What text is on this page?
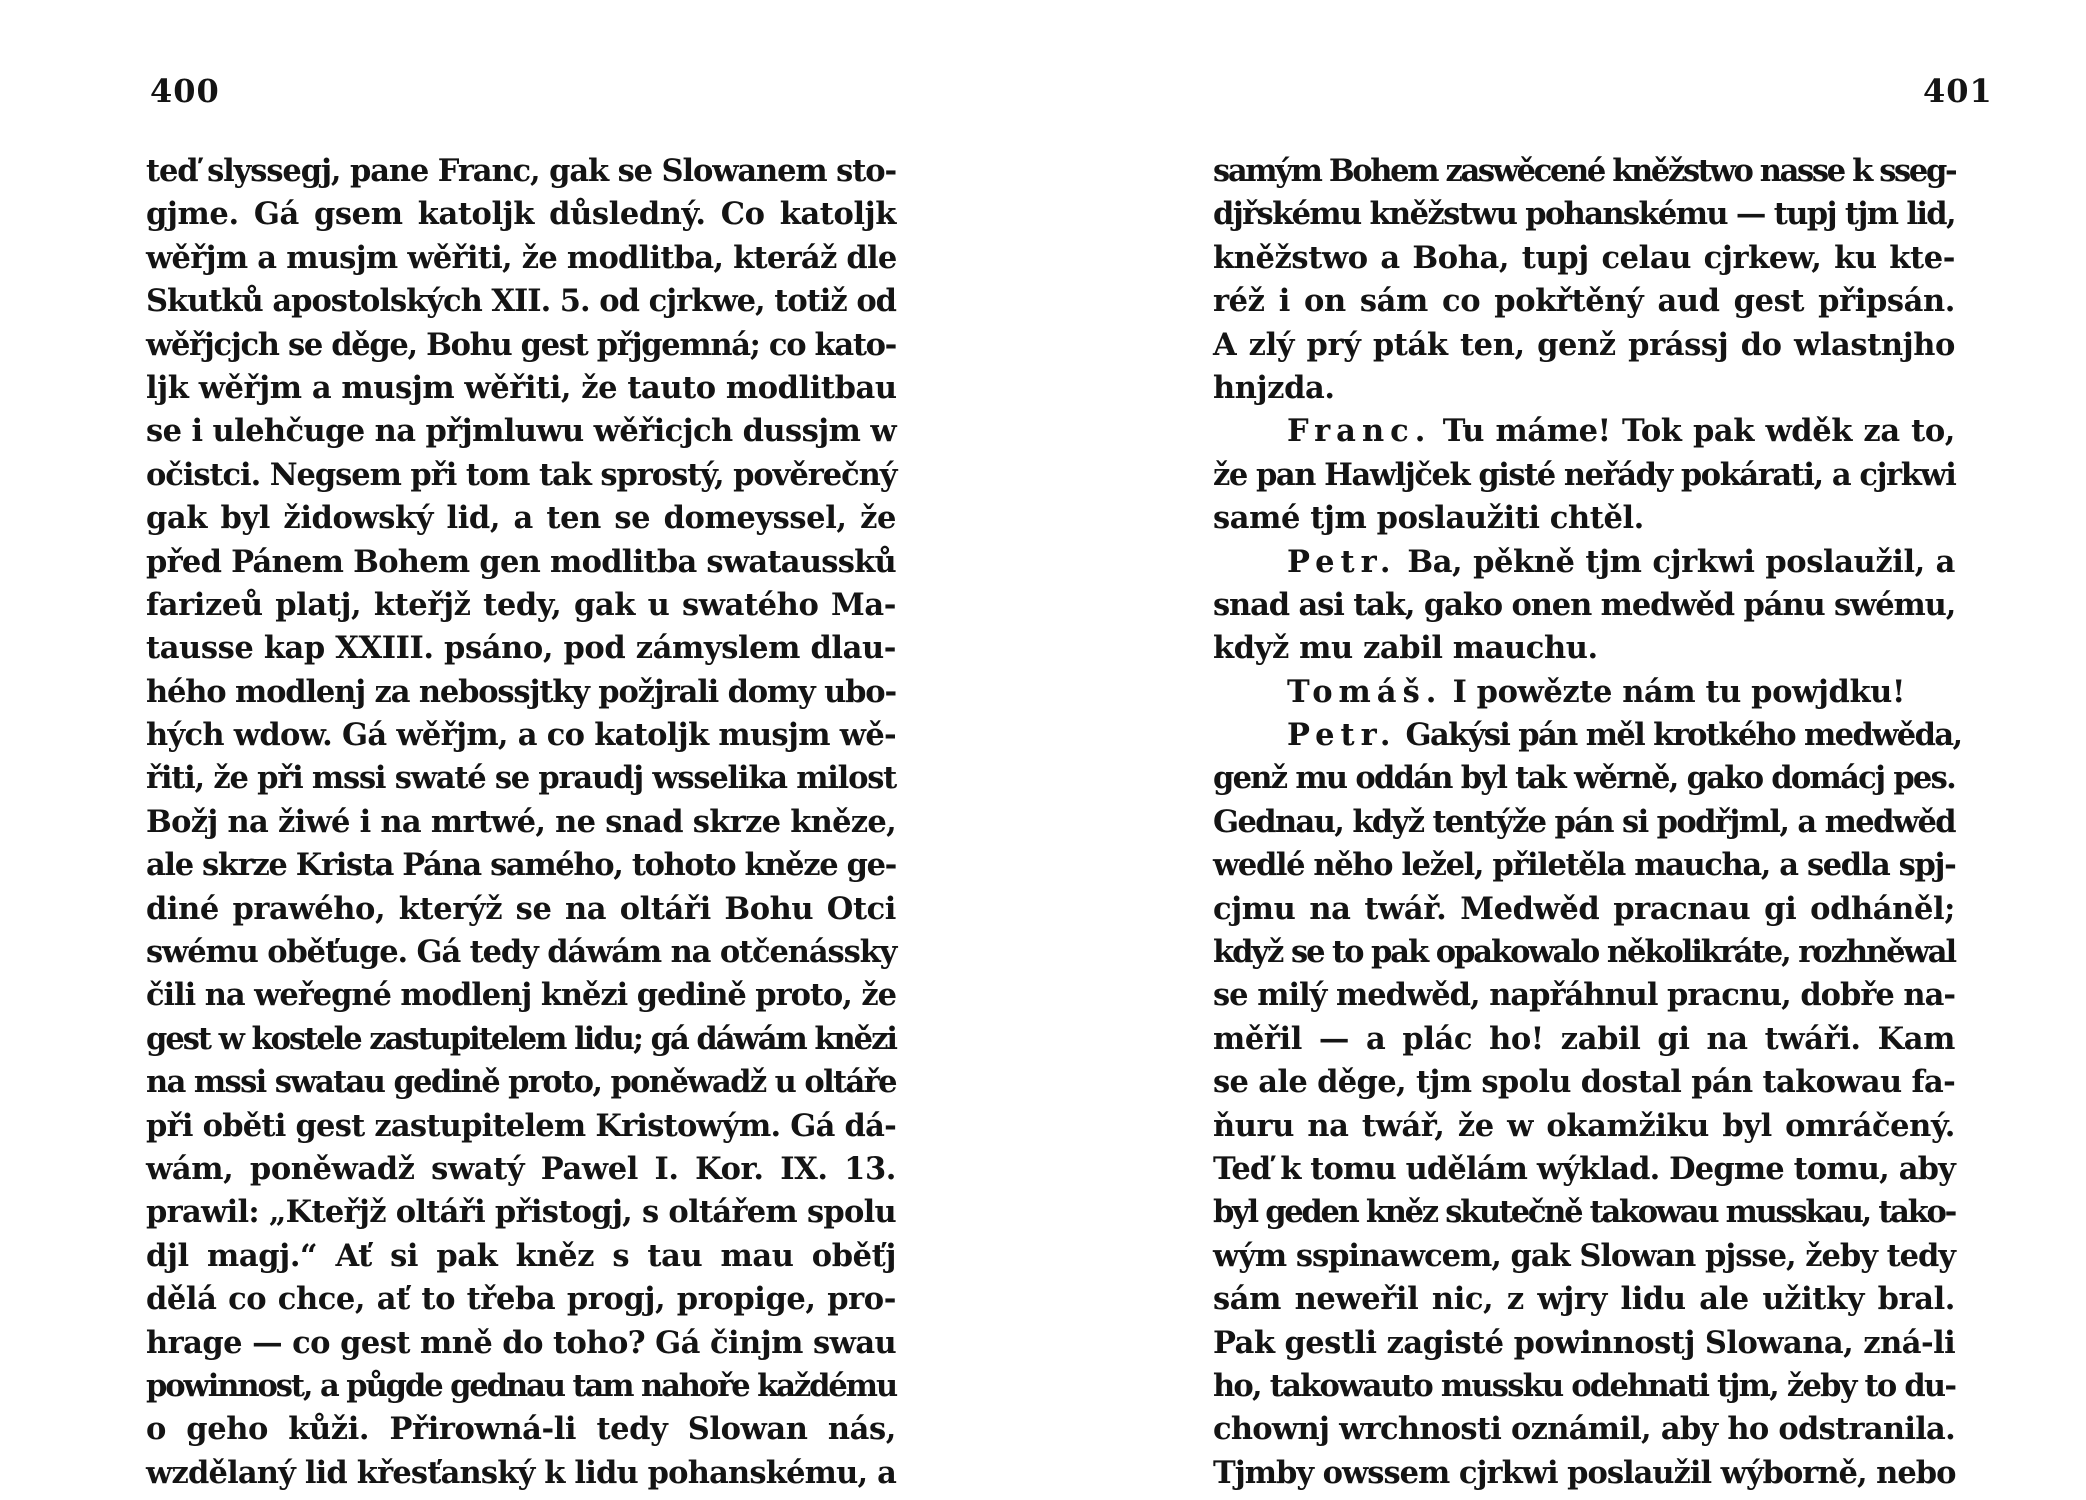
400
teď slyssegj, pane Franc, gak se Slowanem sto-
gjme. Gá gsem katoljk důsledný. Co katoljk
wěřjm a musjm wěřiti, že modlitba, kteráž dle
Skutků apostolských XII. 5. od cjrkwe, totiž od
wěřjcjch se děge, Bohu gest přjgemná; co kato-
ljk wěřjm a musjm wěřiti, že tauto modlitbau
se i ulehčuge na přjmluwu wěřicjch dussjm w
očistci. Negsem při tom tak sprostý, pověrečný
gak byl židowský lid, a ten se domeyssel, že
před Pánem Bohem gen modlitba swataussků
farizeů platj, kteřjž tedy, gak u swatého Ma-
tausse kap XXIII. psáno, pod zámyslem dlau-
hého modlenj za nebossjtky požjrali domy ubo-
hých wdow. Gá wěřjm, a co katoljk musjm wě-
řiti, že při mssi swaté se praudj wsselika milost
Božj na žiwé i na mrtwé, ne snad skrze kněze,
ale skrze Krista Pána samého, tohoto kněze ge-
diné prawého, kterýž se na oltáři Bohu Otci
swému oběťuge. Gá tedy dáwám na otčenássky
čili na weřegné modlenj knězi gedině proto, že
gest w kostele zastupitelem lidu; gá dáwám knězi
na mssi swatau gedině proto, poněwadž u oltáře
při oběti gest zastupitelem Kristowým. Gá dá-
wám, poněwadž swatý Pawel I. Kor. IX. 13.
prawil: „Kteřjž oltáři přistogj, s oltářem spolu
djl magj.“ Ať si pak kněz s tau mau oběťj
dělá co chce, ať to třeba progj, propige, pro-
hrage — co gest mně do toho? Gá činjm swau
powinnost, a půgde gednau tam nahoře každému
o geho kůži. Přirowná-li tedy Slowan nás,
wzdělaný lid křesťanský k lidu pohanskému, a
401
samým Bohem zaswěcené kněžstwo nasse k sseg-
djřskému kněžstwu pohanskému — tupj tjm lid,
kněžstwo a Boha, tupj celau cjrkew, ku kte-
réž i on sám co pokřtěný aud gest připsán.
A zlý prý pták ten, genž prássj do wlastnjho
hnjzda.
Franc. Tu máme! Tok pak wděk za to,
že pan Hawljček gisté neřády pokárati, a cjrkwi
samé tjm poslaužiti chtěl.
Petr. Ba, pěkně tjm cjrkwi poslaužil, a
snad asi tak, gako onen medwěd pánu swému,
když mu zabil mauchu.
Tomáš. I powězte nám tu powjdku!
Petr. Gakýsi pán měl krotkého medwěda,
genž mu oddán byl tak wěrně, gako domácj pes.
Gednau, když tentýže pán si podřjml, a medwěd
wedlé něho ležel, přiletěla maucha, a sedla spj-
cjmu na twář. Medwěd pracnau gi odháněl;
když se to pak opakowalo několikráte, rozhněwal
se milý medwěd, napřáhnul pracnu, dobře na-
měřil — a plác ho! zabil gi na twáři. Kam
se ale děge, tjm spolu dostal pán takowau fa-
ňuru na twář, že w okamžiku byl omráčený.
Teď k tomu udělám wýklad. Degme tomu, aby
byl geden kněz skutečně takowau musskau, tako-
wým sspinawcem, gak Slowan pjsse, žeby tedy
sám neweřil nic, z wjry lidu ale užitky bral.
Pak gestli zagisté powinnostj Slowana, zná-li
ho, takowauto mussku odehnati tjm, žeby to du-
chownj wrchnosti oznámil, aby ho odstranila.
Tjmby owssem cjrkwi poslaužil wýborně, nebo
